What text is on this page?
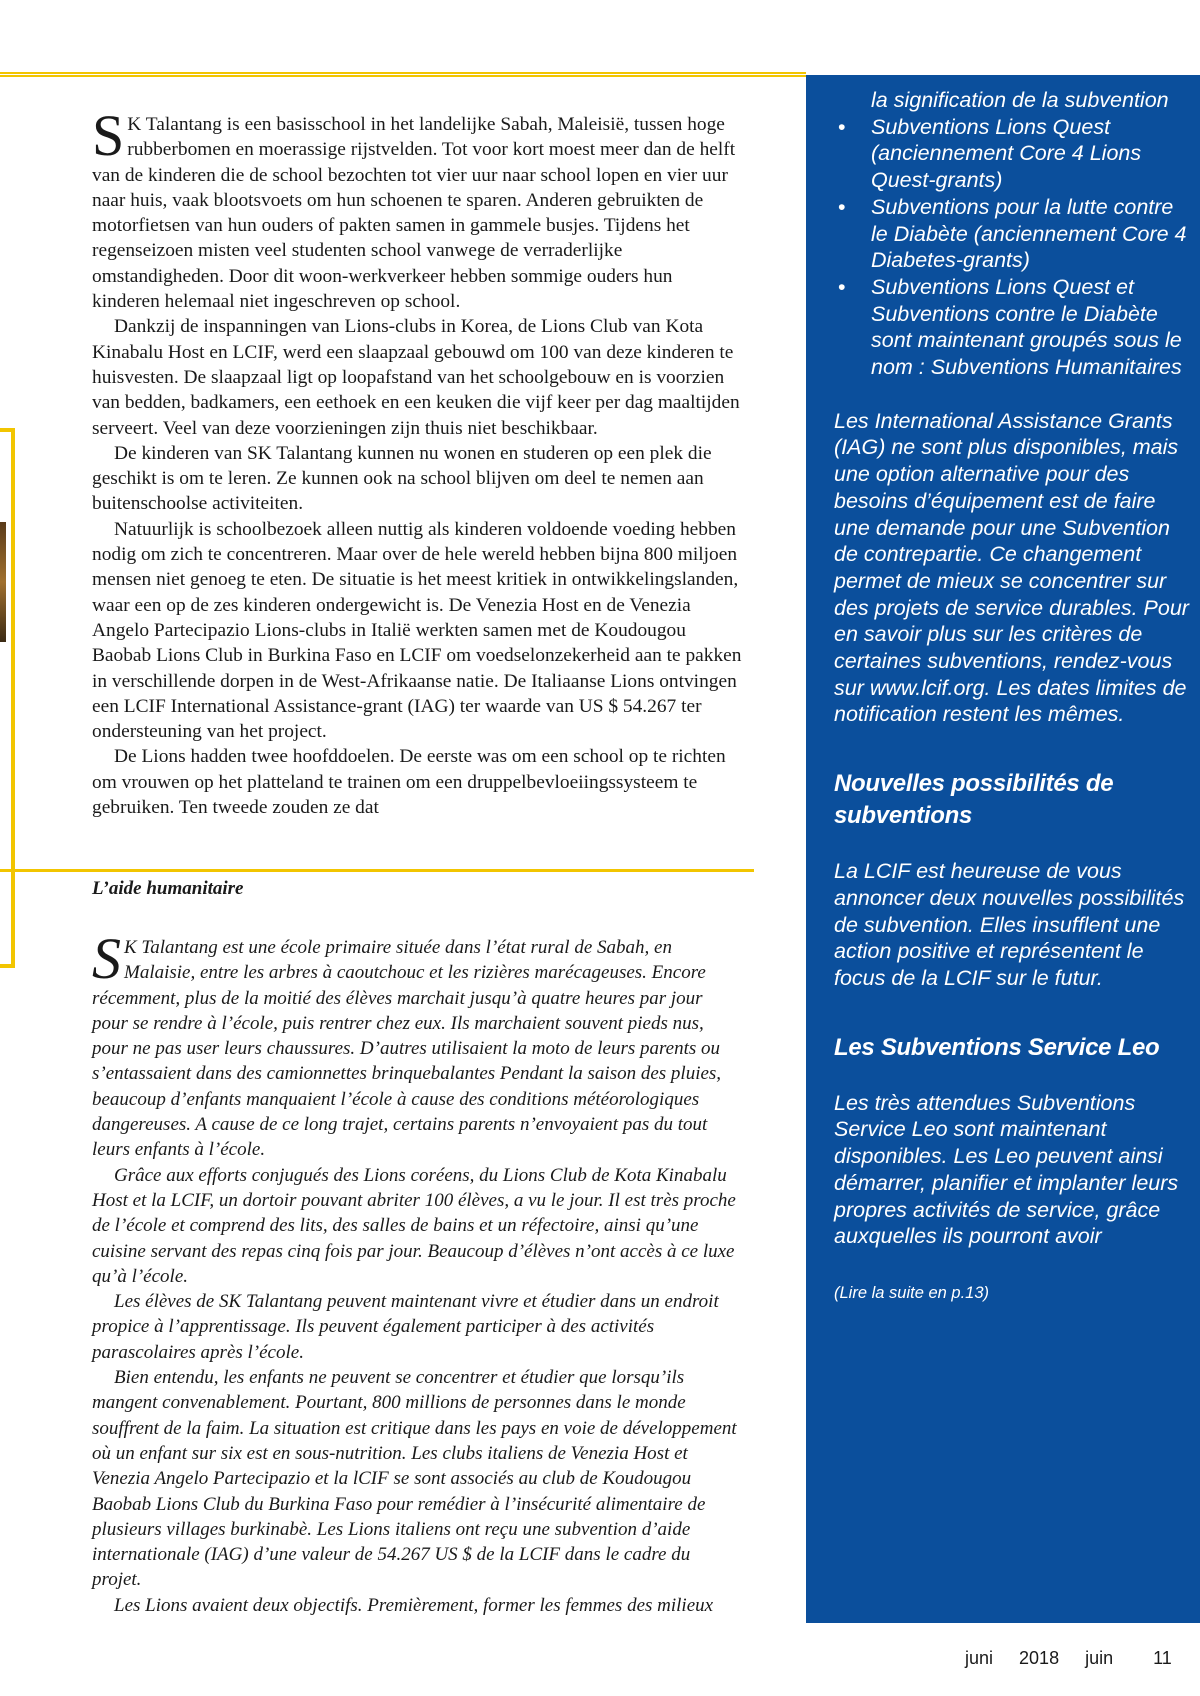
S K Talantang is een basisschool in het landelijke Sabah, Maleisië, tussen hoge rubberbomen en moerassige rijstvelden. Tot voor kort moest meer dan de helft van de kinderen die de school bezochten tot vier uur naar school lopen en vier uur naar huis, vaak blootsvoets om hun schoenen te sparen. Anderen gebruikten de motorfietsen van hun ouders of pakten samen in gammele busjes. Tijdens het regenseizoen misten veel studenten school vanwege de verraderlijke omstandigheden. Door dit woon-werkverkeer hebben sommige ouders hun kinderen helemaal niet ingeschreven op school.

Dankzij de inspanningen van Lions-clubs in Korea, de Lions Club van Kota Kinabalu Host en LCIF, werd een slaapzaal gebouwd om 100 van deze kinderen te huisvesten. De slaapzaal ligt op loopafstand van het schoolgebouw en is voorzien van bedden, badkamers, een eethoek en een keuken die vijf keer per dag maaltijden serveert. Veel van deze voorzieningen zijn thuis niet beschikbaar.

De kinderen van SK Talantang kunnen nu wonen en studeren op een plek die geschikt is om te leren. Ze kunnen ook na school blijven om deel te nemen aan buitenschoolse activiteiten.

Natuurlijk is schoolbezoek alleen nuttig als kinderen voldoende voeding hebben nodig om zich te concentreren. Maar over de hele wereld hebben bijna 800 miljoen mensen niet genoeg te eten. De situatie is het meest kritiek in ontwikkelingslanden, waar een op de zes kinderen ondergewicht is. De Venezia Host en de Venezia Angelo Partecipazio Lions-clubs in Italië werkten samen met de Koudougou Baobab Lions Club in Burkina Faso en LCIF om voedselonzekerheid aan te pakken in verschillende dorpen in de West-Afrikaanse natie. De Italiaanse Lions ontvingen een LCIF International Assistance-grant (IAG) ter waarde van US $ 54.267 ter ondersteuning van het project.

De Lions hadden twee hoofddoelen. De eerste was om een school op te richten om vrouwen op het platteland te trainen om een druppelbevloeiingssysteem te gebruiken. Ten tweede zouden ze dat

L’aide humanitaire

S K Talantang est une école primaire située dans l’état rural de Sabah, en Malaisie, entre les arbres à caoutchouc et les rizières marécageuses. Encore récemment, plus de la moitié des élèves marchait jusqu’à quatre heures par jour pour se rendre à l’école, puis rentrer chez eux. Ils marchaient souvent pieds nus, pour ne pas user leurs chaussures. D’autres utilisaient la moto de leurs parents ou s’entassaient dans des camionnettes brinquebalantes Pendant la saison des pluies, beaucoup d’enfants manquaient l’école à cause des conditions météorologiques dangereuses. A cause de ce long trajet, certains parents n’envoyaient pas du tout leurs enfants à l’école.

Grâce aux efforts conjugués des Lions coréens, du Lions Club de Kota Kinabalu Host et la LCIF, un dortoir pouvant abriter 100 élèves, a vu le jour. Il est très proche de l’école et comprend des lits, des salles de bains et un réfectoire, ainsi qu’une cuisine servant des repas cinq fois par jour. Beaucoup d’élèves n’ont accès à ce luxe qu’à l’école.

Les élèves de SK Talantang peuvent maintenant vivre et étudier dans un endroit propice à l’apprentissage. Ils peuvent également participer à des activités parascolaires après l’école.

Bien entendu, les enfants ne peuvent se concentrer et étudier que lorsqu’ils mangent convenablement. Pourtant, 800 millions de personnes dans le monde souffrent de la faim. La situation est critique dans les pays en voie de développement où un enfant sur six est en sous-nutrition. Les clubs italiens de Venezia Host et Venezia Angelo Partecipazio et la lCIF se sont associés au club de Koudougou Baobab Lions Club du Burkina Faso pour remédier à l’insécurité alimentaire de plusieurs villages burkinabè. Les Lions italiens ont reçu une subvention d’aide internationale (IAG) d’une valeur de 54.267 US $ de la LCIF dans le cadre du projet.

Les Lions avaient deux objectifs. Premièrement, former les femmes des milieux

la signification de la subvention
• Subventions Lions Quest (anciennement Core 4 Lions Quest-grants)
• Subventions pour la lutte contre le Diabète (anciennement Core 4 Diabetes-grants)
• Subventions Lions Quest et Subventions contre le Diabète sont maintenant groupés sous le nom : Subventions Humanitaires

Les International Assistance Grants (IAG) ne sont plus disponibles, mais une option alternative pour des besoins d’équipement est de faire une demande pour une Subvention de contrepartie. Ce changement permet de mieux se concentrer sur des projets de service durables. Pour en savoir plus sur les critères de certaines subventions, rendez-vous sur www.lcif.org. Les dates limites de notification restent les mêmes.

Nouvelles possibilités de subventions

La LCIF est heureuse de vous annoncer deux nouvelles possibilités de subvention. Elles insufflent une action positive et représentent le focus de la LCIF sur le futur.

Les Subventions Service Leo

Les très attendues Subventions Service Leo sont maintenant disponibles. Les Leo peuvent ainsi démarrer, planifier et implanter leurs propres activités de service, grâce auxquelles ils pourront avoir

(Lire la suite en p.13)

juni 2018 juin 11
